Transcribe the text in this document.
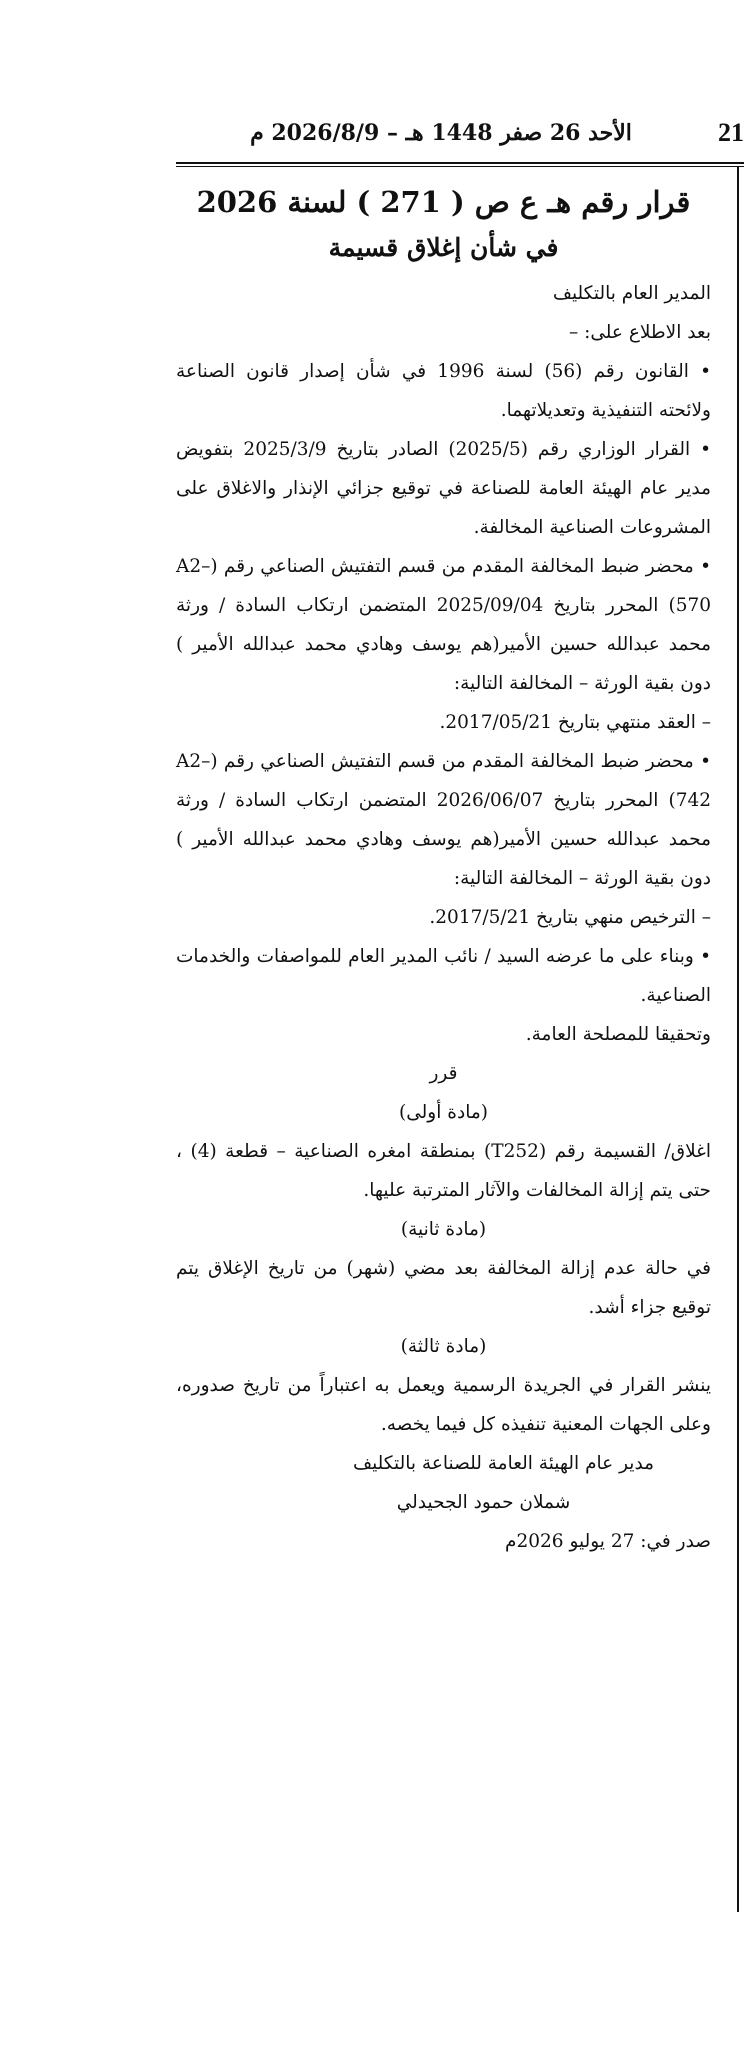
21
الأحد 26 صفر 1448 هـ – 2026/8/9 م
قرار رقم هـ ع ص ( 271 ) لسنة 2026
في شأن إغلاق قسيمة

المدير العام بالتكليف

بعد الاطلاع على: –

• القانون رقم (56) لسنة 1996 في شأن إصدار قانون الصناعة ولائحته التنفيذية وتعديلاتهما.

• القرار الوزاري رقم (2025/5) الصادر بتاريخ 2025/3/9 بتفويض مدير عام الهيئة العامة للصناعة في توقيع جزائي الإنذار والاغلاق على المشروعات الصناعية المخالفة.

• محضر ضبط المخالفة المقدم من قسم التفتيش الصناعي رقم (A2–570) المحرر بتاريخ 2025/09/04 المتضمن ارتكاب السادة / ورثة محمد عبدالله حسين الأمير(هم يوسف وهادي محمد عبدالله الأمير ) دون بقية الورثة – المخالفة التالية:

– العقد منتهي بتاريخ 2017/05/21.

• محضر ضبط المخالفة المقدم من قسم التفتيش الصناعي رقم (A2–742) المحرر بتاريخ 2026/06/07 المتضمن ارتكاب السادة / ورثة محمد عبدالله حسين الأمير(هم يوسف وهادي محمد عبدالله الأمير ) دون بقية الورثة – المخالفة التالية:

– الترخيص منهي بتاريخ 2017/5/21.

• وبناء على ما عرضه السيد / نائب المدير العام للمواصفات والخدمات الصناعية.

وتحقيقا للمصلحة العامة.

قرر

(مادة أولى)

اغلاق/ القسيمة رقم (T252) بمنطقة امغره الصناعية – قطعة (4) ، حتى يتم إزالة المخالفات والآثار المترتبة عليها.

(مادة ثانية)

في حالة عدم إزالة المخالفة بعد مضي (شهر) من تاريخ الإغلاق يتم توقيع جزاء أشد.

(مادة ثالثة)

ينشر القرار في الجريدة الرسمية ويعمل به اعتباراً من تاريخ صدوره، وعلى الجهات المعنية تنفيذه كل فيما يخصه.

مدير عام الهيئة العامة للصناعة بالتكليف

شملان حمود الجحيدلي

صدر في: 27 يوليو 2026م
